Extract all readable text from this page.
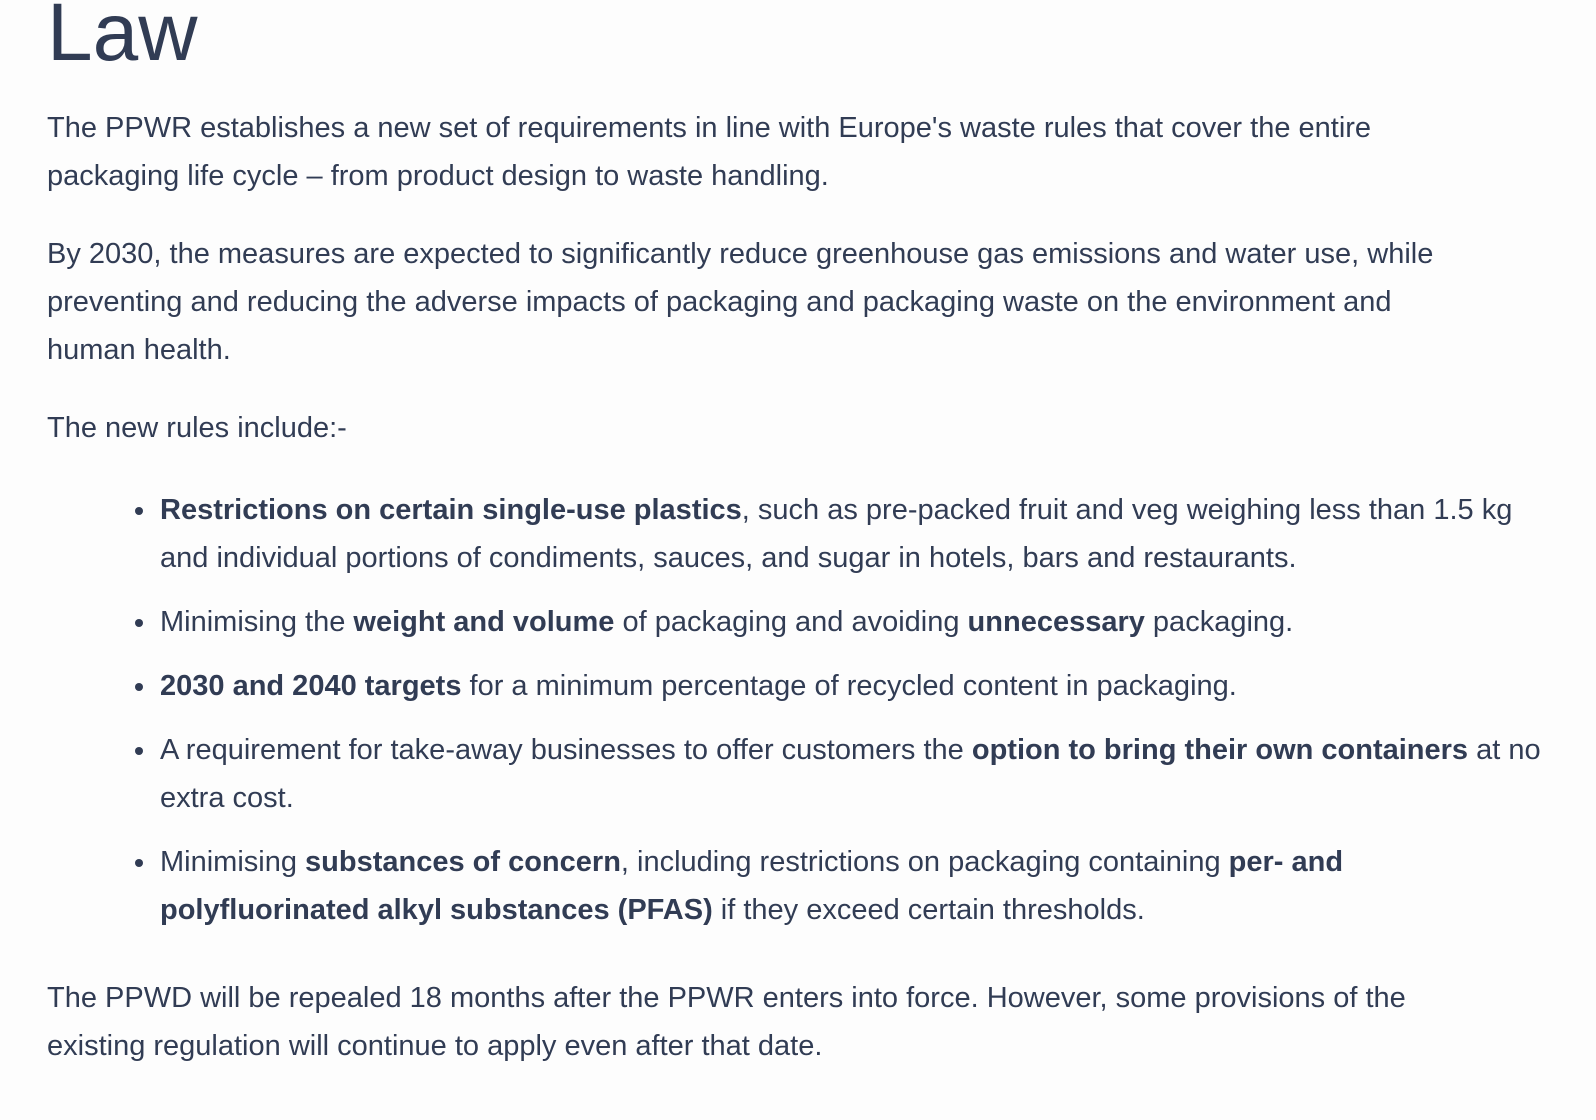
Law

The PPWR establishes a new set of requirements in line with Europe's waste rules that cover the entire packaging life cycle – from product design to waste handling.

By 2030, the measures are expected to significantly reduce greenhouse gas emissions and water use, while preventing and reducing the adverse impacts of packaging and packaging waste on the environment and human health.

The new rules include:-

• Restrictions on certain single-use plastics, such as pre-packed fruit and veg weighing less than 1.5 kg and individual portions of condiments, sauces, and sugar in hotels, bars and restaurants.
• Minimising the weight and volume of packaging and avoiding unnecessary packaging.
• 2030 and 2040 targets for a minimum percentage of recycled content in packaging.
• A requirement for take-away businesses to offer customers the option to bring their own containers at no extra cost.
• Minimising substances of concern, including restrictions on packaging containing per- and polyfluorinated alkyl substances (PFAS) if they exceed certain thresholds.

The PPWD will be repealed 18 months after the PPWR enters into force. However, some provisions of the existing regulation will continue to apply even after that date.
